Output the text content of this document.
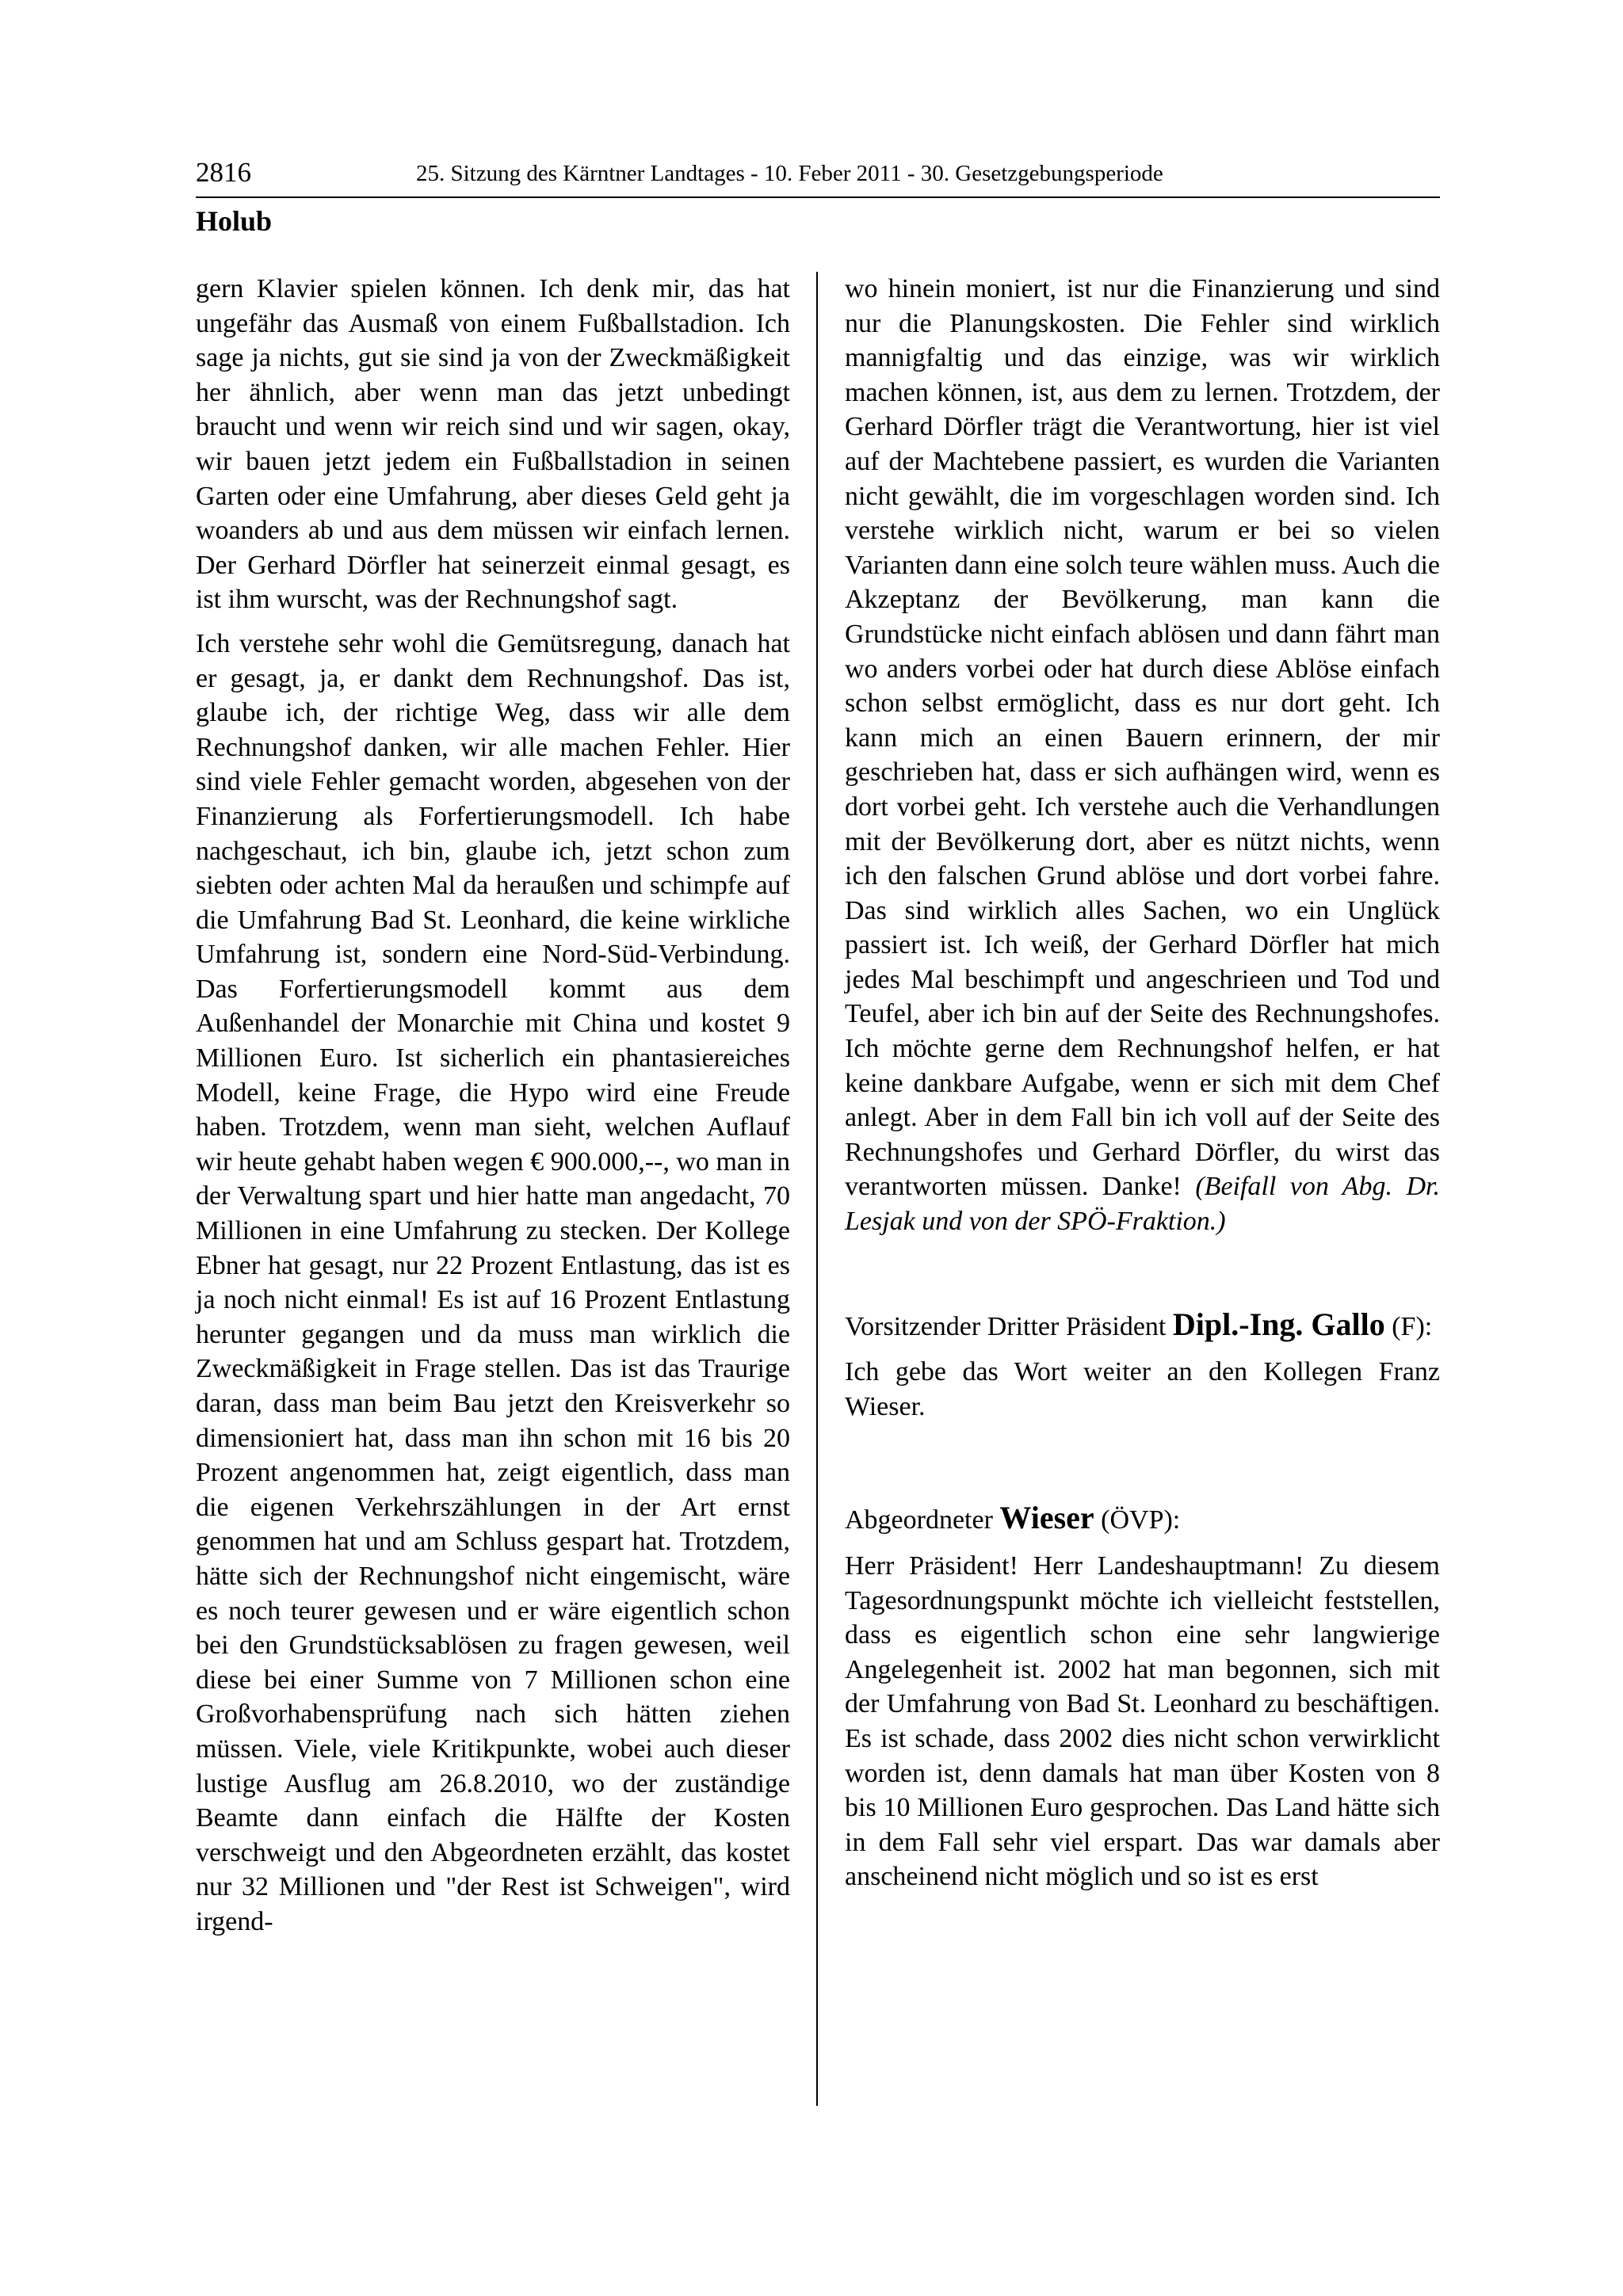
2816	25. Sitzung des Kärntner Landtages - 10. Feber 2011 - 30. Gesetzgebungsperiode
Holub

gern Klavier spielen können. Ich denk mir, das hat ungefähr das Ausmaß von einem Fußballstadion. Ich sage ja nichts, gut sie sind ja von der Zweckmäßigkeit her ähnlich, aber wenn man das jetzt unbedingt braucht und wenn wir reich sind und wir sagen, okay, wir bauen jetzt jedem ein Fußballstadion in seinen Garten oder eine Umfahrung, aber dieses Geld geht ja woanders ab und aus dem müssen wir einfach lernen. Der Gerhard Dörfler hat seinerzeit einmal gesagt, es ist ihm wurscht, was der Rechnungshof sagt.

Ich verstehe sehr wohl die Gemütsregung, danach hat er gesagt, ja, er dankt dem Rechnungshof. Das ist, glaube ich, der richtige Weg, dass wir alle dem Rechnungshof danken, wir alle machen Fehler. Hier sind viele Fehler gemacht worden, abgesehen von der Finanzierung als Forfertierungsmodell. Ich habe nachgeschaut, ich bin, glaube ich, jetzt schon zum siebten oder achten Mal da heraußen und schimpfe auf die Umfahrung Bad St. Leonhard, die keine wirkliche Umfahrung ist, sondern eine Nord-Süd-Verbindung. Das Forfertierungsmodell kommt aus dem Außenhandel der Monarchie mit China und kostet 9 Millionen Euro. Ist sicherlich ein phantasiereiches Modell, keine Frage, die Hypo wird eine Freude haben. Trotzdem, wenn man sieht, welchen Auflauf wir heute gehabt haben wegen € 900.000,--, wo man in der Verwaltung spart und hier hatte man angedacht, 70 Millionen in eine Umfahrung zu stecken. Der Kollege Ebner hat gesagt, nur 22 Prozent Entlastung, das ist es ja noch nicht einmal! Es ist auf 16 Prozent Entlastung herunter gegangen und da muss man wirklich die Zweckmäßigkeit in Frage stellen. Das ist das Traurige daran, dass man beim Bau jetzt den Kreisverkehr so dimensioniert hat, dass man ihn schon mit 16 bis 20 Prozent angenommen hat, zeigt eigentlich, dass man die eigenen Verkehrszählungen in der Art ernst genommen hat und am Schluss gespart hat. Trotzdem, hätte sich der Rechnungshof nicht eingemischt, wäre es noch teurer gewesen und er wäre eigentlich schon bei den Grundstücksablösen zu fragen gewesen, weil diese bei einer Summe von 7 Millionen schon eine Großvorhabensprüfung nach sich hätten ziehen müssen. Viele, viele Kritikpunkte, wobei auch dieser lustige Ausflug am 26.8.2010, wo der zuständige Beamte dann einfach die Hälfte der Kosten verschweigt und den Abgeordneten erzählt, das kostet nur 32 Millionen und "der Rest ist Schweigen", wird irgend-

wo hinein moniert, ist nur die Finanzierung und sind nur die Planungskosten. Die Fehler sind wirklich mannigfaltig und das einzige, was wir wirklich machen können, ist, aus dem zu lernen. Trotzdem, der Gerhard Dörfler trägt die Verantwortung, hier ist viel auf der Machtebene passiert, es wurden die Varianten nicht gewählt, die im vorgeschlagen worden sind. Ich verstehe wirklich nicht, warum er bei so vielen Varianten dann eine solch teure wählen muss. Auch die Akzeptanz der Bevölkerung, man kann die Grundstücke nicht einfach ablösen und dann fährt man wo anders vorbei oder hat durch diese Ablöse einfach schon selbst ermöglicht, dass es nur dort geht. Ich kann mich an einen Bauern erinnern, der mir geschrieben hat, dass er sich aufhängen wird, wenn es dort vorbei geht. Ich verstehe auch die Verhandlungen mit der Bevölkerung dort, aber es nützt nichts, wenn ich den falschen Grund ablöse und dort vorbei fahre. Das sind wirklich alles Sachen, wo ein Unglück passiert ist. Ich weiß, der Gerhard Dörfler hat mich jedes Mal beschimpft und angeschrieen und Tod und Teufel, aber ich bin auf der Seite des Rechnungshofes. Ich möchte gerne dem Rechnungshof helfen, er hat keine dankbare Aufgabe, wenn er sich mit dem Chef anlegt. Aber in dem Fall bin ich voll auf der Seite des Rechnungshofes und Gerhard Dörfler, du wirst das verantworten müssen. Danke! (Beifall von Abg. Dr. Lesjak und von der SPÖ-Fraktion.)

Vorsitzender Dritter Präsident Dipl.-Ing. Gallo (F):

Ich gebe das Wort weiter an den Kollegen Franz Wieser.

Abgeordneter Wieser (ÖVP):

Herr Präsident! Herr Landeshauptmann! Zu diesem Tagesordnungspunkt möchte ich vielleicht feststellen, dass es eigentlich schon eine sehr langwierige Angelegenheit ist. 2002 hat man begonnen, sich mit der Umfahrung von Bad St. Leonhard zu beschäftigen. Es ist schade, dass 2002 dies nicht schon verwirklicht worden ist, denn damals hat man über Kosten von 8 bis 10 Millionen Euro gesprochen. Das Land hätte sich in dem Fall sehr viel erspart. Das war damals aber anscheinend nicht möglich und so ist es erst
